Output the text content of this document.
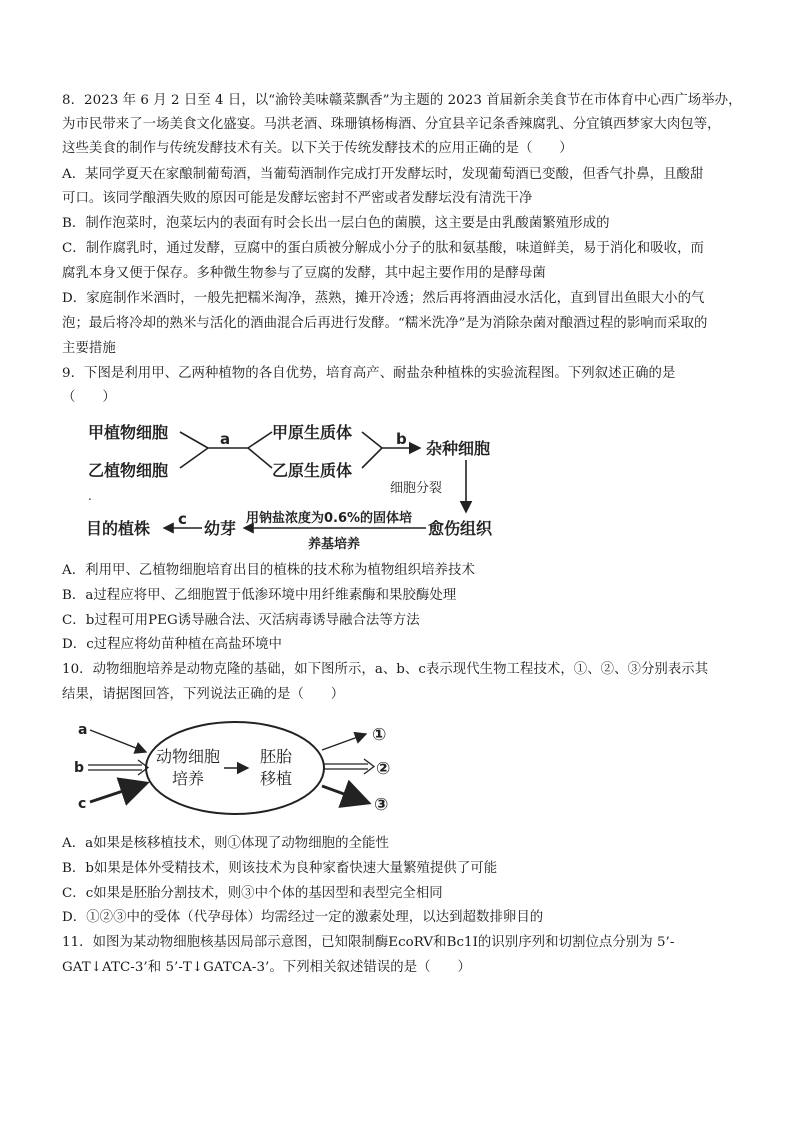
8．2023 年 6 月 2 日至 4 日，以“渝铃美味赣菜飘香”为主题的 2023 首届新余美食节在市体育中心西广场举办，
为市民带来了一场美食文化盛宴。马洪老酒、珠珊镇杨梅酒、分宜县辛记条香辣腐乳、分宜镇西梦家大肉包等，
这些美食的制作与传统发酵技术有关。以下关于传统发酵技术的应用正确的是（　　）
A．某同学夏天在家酿制葡萄酒，当葡萄酒制作完成打开发酵坛时，发现葡萄酒已变酸，但香气扑鼻，且酸甜
可口。该同学酿酒失败的原因可能是发酵坛密封不严密或者发酵坛没有清洗干净
B．制作泡菜时，泡菜坛内的表面有时会长出一层白色的菌膜，这主要是由乳酸菌繁殖形成的
C．制作腐乳时，通过发酵，豆腐中的蛋白质被分解成小分子的肽和氨基酸，味道鲜美，易于消化和吸收，而
腐乳本身又便于保存。多种微生物参与了豆腐的发酵，其中起主要作用的是酵母菌
D．家庭制作米酒时，一般先把糯米淘净，蒸熟，摊开冷透；然后再将酒曲浸水活化，直到冒出鱼眼大小的气
泡；最后将冷却的熟米与活化的酒曲混合后再进行发酵。“糯米洗净”是为消除杂菌对酿酒过程的影响而采取的
主要措施
9．下图是利用甲、乙两种植物的各自优势，培育高产、耐盐杂种植株的实验流程图。下列叙述正确的是
（　　）
甲植物细胞
乙植物细胞
a	甲原生质体
乙原生质体
b 杂种细胞
细胞分裂
.
愈伤组织
用钠盐浓度为0.6%的固体培
养基培养
幼芽
c
目的植株
A．利用甲、乙植物细胞培育出目的植株的技术称为植物组织培养技术
B．a过程应将甲、乙细胞置于低渗环境中用纤维素酶和果胶酶处理
C．b过程可用PEG诱导融合法、灭活病毒诱导融合法等方法
D．c过程应将幼苗种植在高盐环境中
10．动物细胞培养是动物克隆的基础，如下图所示，a、b、c表示现代生物工程技术，①、②、③分别表示其
结果，请据图回答，下列说法正确的是（　　）
a
b
c
动物细胞
培养
胚胎
移植
①
②
③
A．a如果是核移植技术，则①体现了动物细胞的全能性
B．b如果是体外受精技术，则该技术为良种家畜快速大量繁殖提供了可能
C．c如果是胚胎分割技术，则③中个体的基因型和表型完全相同
D．①②③中的受体（代孕母体）均需经过一定的激素处理，以达到超数排卵目的
11．如图为某动物细胞核基因局部示意图，已知限制酶EcoRV和Bc1I的识别序列和切割位点分别为 5’-
GAT↓ATC-3’和 5’-T↓GATCA-3’。下列相关叙述错误的是（　　）
